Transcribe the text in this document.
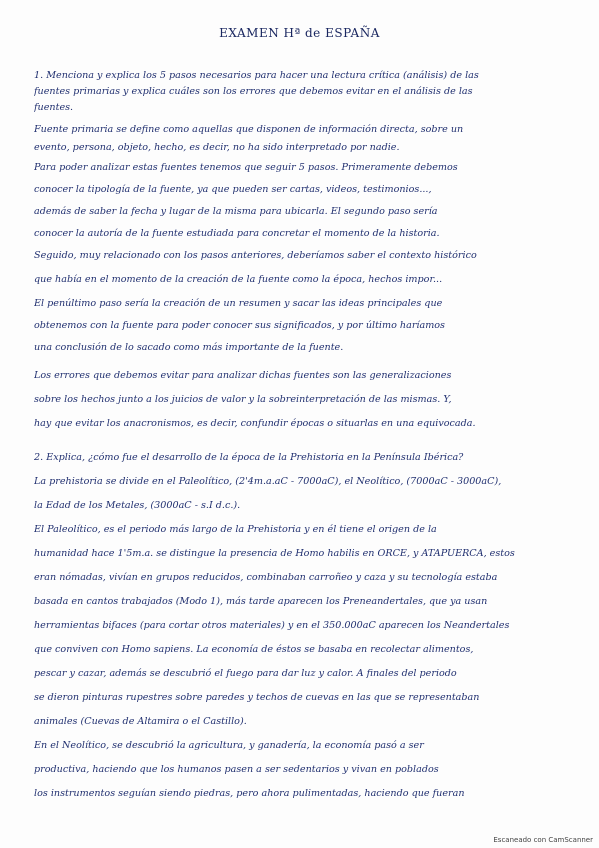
EXAMEN Hª de ESPAÑA
1. Menciona y explica los 5 pasos necesarios para hacer una lectura crítica (análisis) de las
fuentes primarias y explica cuáles son los errores que debemos evitar en el análisis de las
fuentes.
Fuente primaria se define como aquellas que disponen de información directa, sobre un
evento, persona, objeto, hecho, es decir, no ha sido interpretado por nadie.
Para poder analizar estas fuentes tenemos que seguir 5 pasos. Primeramente debemos
conocer la tipología de la fuente, ya que pueden ser cartas, videos, testimonios...,
además de saber la fecha y lugar de la misma para ubicarla. El segundo paso sería
conocer la autoría de la fuente estudiada para concretar el momento de la historia.
Seguido, muy relacionado con los pasos anteriores, deberíamos saber el contexto histórico
que había en el momento de la creación de la fuente como la época, hechos impor...
El penúltimo paso sería la creación de un resumen y sacar las ideas principales que
obtenemos con la fuente para poder conocer sus significados, y por último haríamos
una conclusión de lo sacado como más importante de la fuente.
Los errores que debemos evitar para analizar dichas fuentes son las generalizaciones
sobre los hechos junto a los juicios de valor y la sobreinterpretación de las mismas. Y,
hay que evitar los anacronismos, es decir, confundir épocas o situarlas en una equivocada.
2. Explica, ¿cómo fue el desarrollo de la época de la Prehistoria en la Península Ibérica?
La prehistoria se divide en el Paleolítico, (2'4m.a.aC - 7000aC), el Neolítico, (7000aC - 3000aC),
la Edad de los Metales, (3000aC - s.I d.c.).
El Paleolítico, es el periodo más largo de la Prehistoria y en él tiene el origen de la
humanidad hace 1'5m.a. se distingue la presencia de Homo habilis en ORCE, y ATAPUERCA, estos
eran nómadas, vivían en grupos reducidos, combinaban carroñeo y caza y su tecnología estaba
basada en cantos trabajados (Modo 1), más tarde aparecen los Preneandertales, que ya usan
herramientas bifaces (para cortar otros materiales) y en el 350.000aC aparecen los Neandertales
que conviven con Homo sapiens. La economía de éstos se basaba en recolectar alimentos,
pescar y cazar, además se descubrió el fuego para dar luz y calor. A finales del periodo
se dieron pinturas rupestres sobre paredes y techos de cuevas en las que se representaban
animales (Cuevas de Altamira o el Castillo).
En el Neolítico, se descubrió la agricultura, y ganadería, la economía pasó a ser
productiva, haciendo que los humanos pasen a ser sedentarios y vivan en poblados
los instrumentos seguían siendo piedras, pero ahora pulimentadas, haciendo que fueran
Escaneado con CamScanner
